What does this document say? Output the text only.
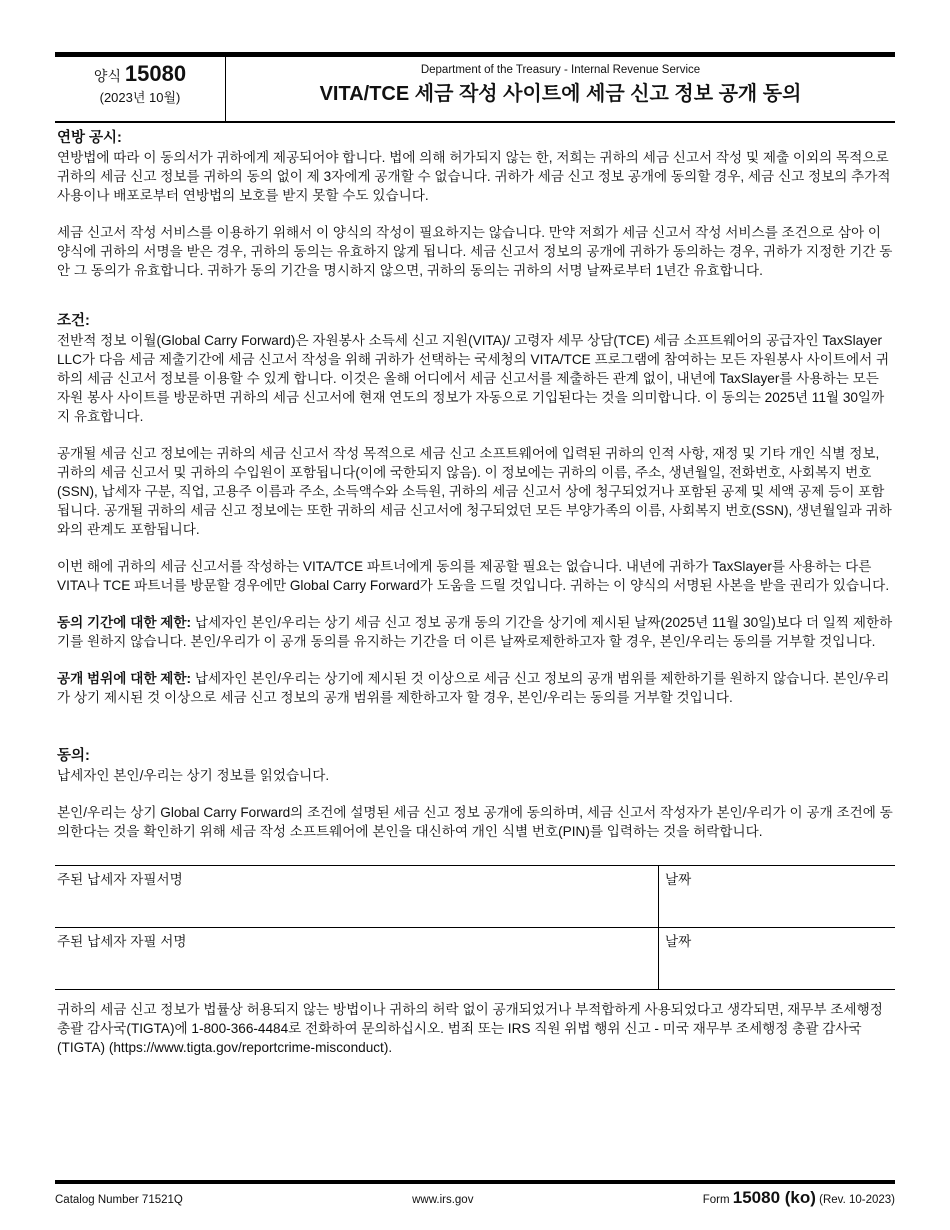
양식 15080
(2023년 10월)
Department of the Treasury - Internal Revenue Service
VITA/TCE 세금 작성 사이트에 세금 신고 정보 공개 동의
연방 공시:

연방법에 따라 이 동의서가 귀하에게 제공되어야 합니다. 법에 의해 허가되지 않는 한, 저희는 귀하의 세금 신고서 작성 및 제출 이외의 목적으로 귀하의 세금 신고 정보를 귀하의 동의 없이 제 3자에게 공개할 수 없습니다. 귀하가 세금 신고 정보 공개에 동의할 경우, 세금 신고 정보의 추가적 사용이나 배포로부터 연방법의 보호를 받지 못할 수도 있습니다.

세금 신고서 작성 서비스를 이용하기 위해서 이 양식의 작성이 필요하지는 않습니다. 만약 저희가 세금 신고서 작성 서비스를 조건으로 삼아 이 양식에 귀하의 서명을 받은 경우, 귀하의 동의는 유효하지 않게 됩니다. 세금 신고서 정보의 공개에 귀하가 동의하는 경우, 귀하가 지정한 기간 동안 그 동의가 유효합니다. 귀하가 동의 기간을 명시하지 않으면, 귀하의 동의는 귀하의 서명 날짜로부터 1년간 유효합니다.

조건:

전반적 정보 이월(Global Carry Forward)은 자원봉사 소득세 신고 지원(VITA)/ 고령자 세무 상담(TCE) 세금 소프트웨어의 공급자인 TaxSlayer LLC가 다음 세금 제출기간에 세금 신고서 작성을 위해 귀하가 선택하는 국세청의 VITA/TCE 프로그램에 참여하는 모든 자원봉사 사이트에서 귀하의 세금 신고서 정보를 이용할 수 있게 합니다. 이것은 올해 어디에서 세금 신고서를 제출하든 관계 없이, 내년에 TaxSlayer를 사용하는 모든 자원 봉사 사이트를 방문하면 귀하의 세금 신고서에 현재 연도의 정보가 자동으로 기입된다는 것을 의미합니다. 이 동의는 2025년 11월 30일까지 유효합니다.

공개될 세금 신고 정보에는 귀하의 세금 신고서 작성 목적으로 세금 신고 소프트웨어에 입력된 귀하의 인적 사항, 재정 및 기타 개인 식별 정보, 귀하의 세금 신고서 및 귀하의 수입원이 포함됩니다(이에 국한되지 않음). 이 정보에는 귀하의 이름, 주소, 생년월일, 전화번호, 사회복지 번호(SSN), 납세자 구분, 직업, 고용주 이름과 주소, 소득액수와 소득원, 귀하의 세금 신고서 상에 청구되었거나 포함된 공제 및 세액 공제 등이 포함됩니다. 공개될 귀하의 세금 신고 정보에는 또한 귀하의 세금 신고서에 청구되었던 모든 부양가족의 이름, 사회복지 번호(SSN), 생년월일과 귀하와의 관계도 포함됩니다.

이번 해에 귀하의 세금 신고서를 작성하는 VITA/TCE 파트너에게 동의를 제공할 필요는 없습니다. 내년에 귀하가 TaxSlayer를 사용하는 다른 VITA나 TCE 파트너를 방문할 경우에만 Global Carry Forward가 도움을 드릴 것입니다. 귀하는 이 양식의 서명된 사본을 받을 권리가 있습니다.

동의 기간에 대한 제한: 납세자인 본인/우리는 상기 세금 신고 정보 공개 동의 기간을 상기에 제시된 날짜(2025년 11월 30일)보다 더 일찍 제한하기를 원하지 않습니다. 본인/우리가 이 공개 동의를 유지하는 기간을 더 이른 날짜로제한하고자 할 경우, 본인/우리는 동의를 거부할 것입니다.

공개 범위에 대한 제한: 납세자인 본인/우리는 상기에 제시된 것 이상으로 세금 신고 정보의 공개 범위를 제한하기를 원하지 않습니다. 본인/우리가 상기 제시된 것 이상으로 세금 신고 정보의 공개 범위를 제한하고자 할 경우, 본인/우리는 동의를 거부할 것입니다.

동의:

납세자인 본인/우리는 상기 정보를 읽었습니다.

본인/우리는 상기 Global Carry Forward의 조건에 설명된 세금 신고 정보 공개에 동의하며, 세금 신고서 작성자가 본인/우리가 이 공개 조건에 동의한다는 것을 확인하기 위해 세금 작성 소프트웨어에 본인을 대신하여 개인 식별 번호(PIN)를 입력하는 것을 허락합니다.

주된 납세자 자필서명	날짜
주된 납세자 자필 서명	날짜

귀하의 세금 신고 정보가 법률상 허용되지 않는 방법이나 귀하의 허락 없이 공개되었거나 부적합하게 사용되었다고 생각되면, 재무부 조세행정 총괄 감사국(TIGTA)에 1-800-366-4484로 전화하여 문의하십시오. 범죄 또는 IRS 직원 위법 행위 신고 - 미국 재무부 조세행정 총괄 감사국(TIGTA) (https://www.tigta.gov/reportcrime-misconduct).

Catalog Number 71521Q	www.irs.gov	Form 15080 (ko) (Rev. 10-2023)
